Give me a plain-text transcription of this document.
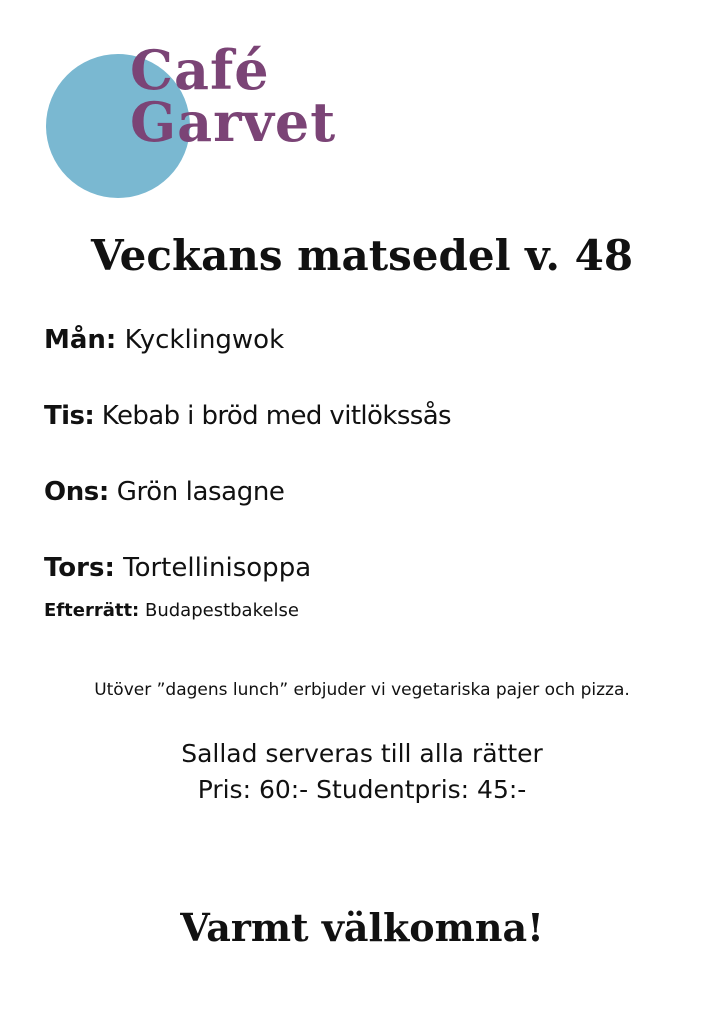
Café
Garvet
Veckans matsedel v. 48
Mån: Kycklingwok
Tis: Kebab i bröd med vitlökssås
Ons: Grön lasagne
Tors: Tortellinisoppa
Efterrätt: Budapestbakelse
Utöver ”dagens lunch” erbjuder vi vegetariska pajer och pizza.
Sallad serveras till alla rätter
Pris: 60:- Studentpris: 45:-
Varmt välkomna!
